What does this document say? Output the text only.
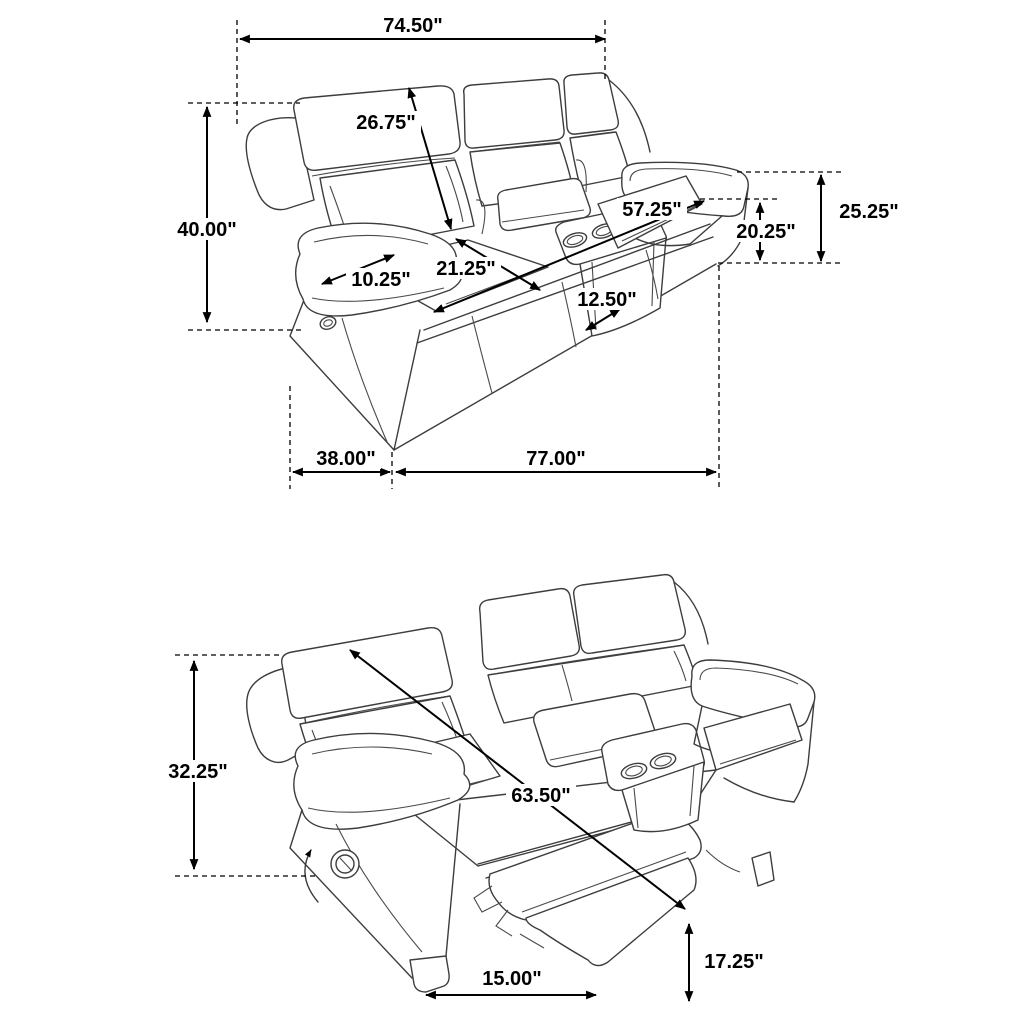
74.50"
26.75"
40.00"
57.25"
20.25"
25.25"
10.25" 21.25"
12.50"
38.00"	77.00"
32.25"
63.50"
17.25"
15.00"
